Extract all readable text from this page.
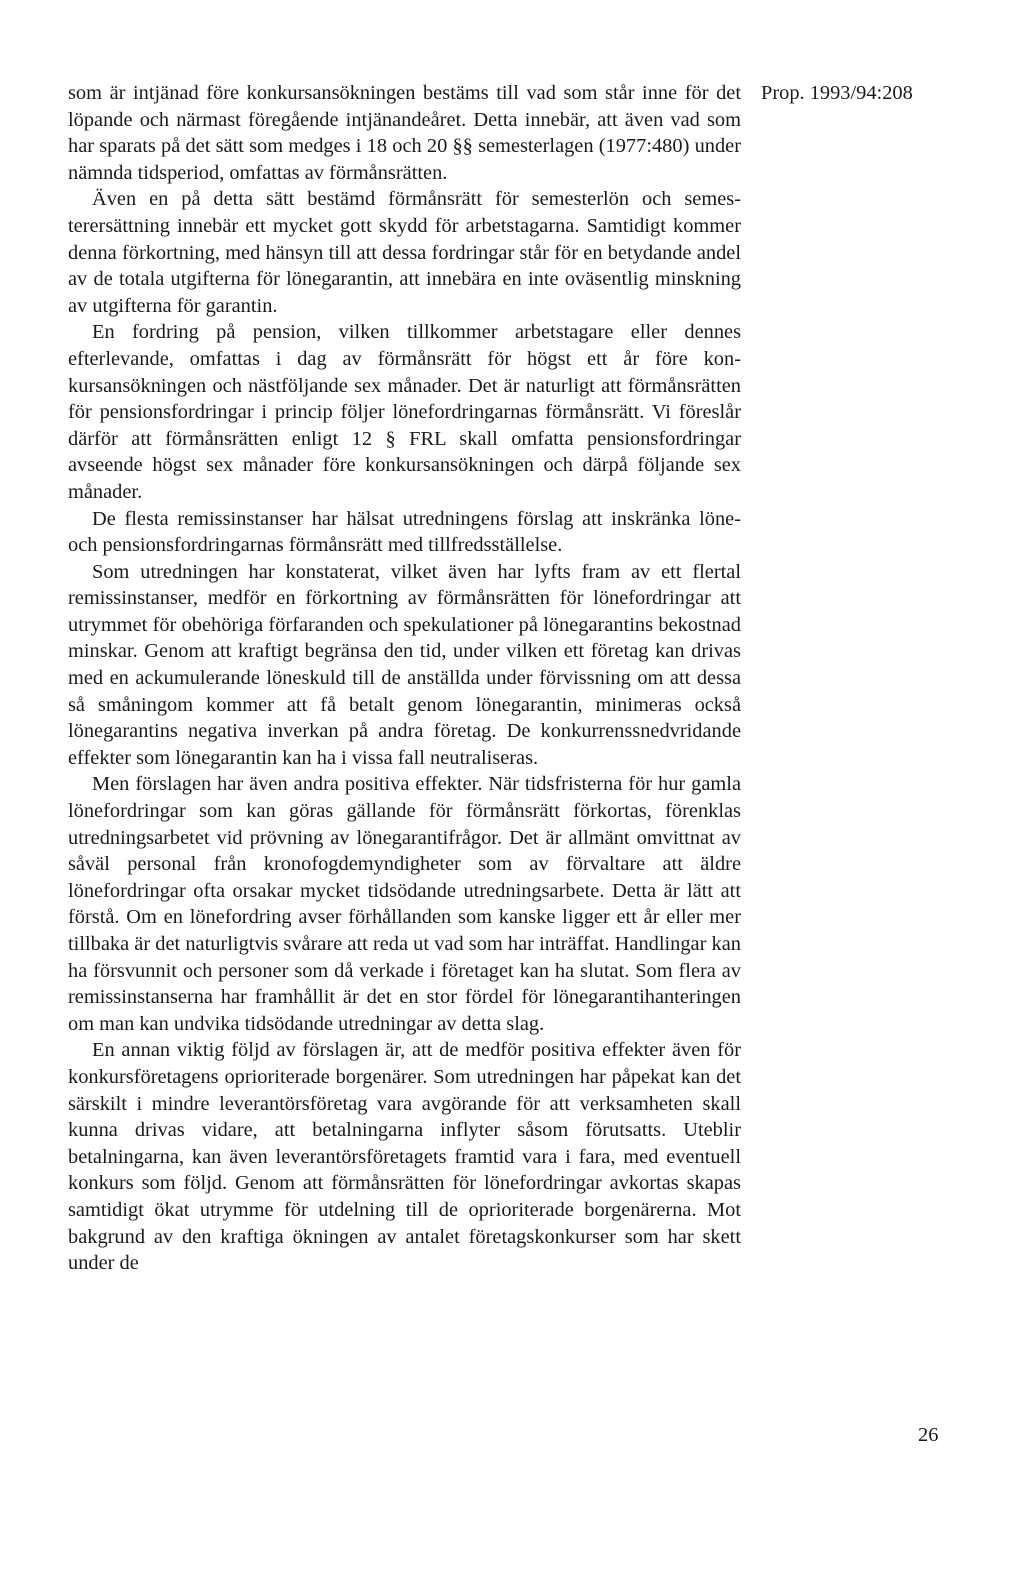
som är intjänad före konkursansökningen bestäms till vad som står inne för det löpande och närmast föregående intjänandeåret. Detta innebär, att även vad som har sparats på det sätt som medges i 18 och 20 §§ semesterlagen (1977:480) under nämnda tidsperiod, omfattas av förmånsrätten.

Även en på detta sätt bestämd förmånsrätt för semesterlön och semesterersättning innebär ett mycket gott skydd för arbetstagarna. Samtidigt kommer denna förkortning, med hänsyn till att dessa fordringar står för en betydande andel av de totala utgifterna för lönegarantin, att innebära en inte oväsentlig minskning av utgifterna för garantin.

En fordring på pension, vilken tillkommer arbetstagare eller dennes efterlevande, omfattas i dag av förmånsrätt för högst ett år före konkursansökningen och nästföljande sex månader. Det är naturligt att förmånsrätten för pensionsfordringar i princip följer lönefordringarnas förmånsrätt. Vi föreslår därför att förmånsrätten enligt 12 § FRL skall omfatta pensionsfordringar avseende högst sex månader före konkursansökningen och därpå följande sex månader.

De flesta remissinstanser har hälsat utredningens förslag att inskränka löne- och pensionsfordringarnas förmånsrätt med tillfredsställelse.

Som utredningen har konstaterat, vilket även har lyfts fram av ett flertal remissinstanser, medför en förkortning av förmånsrätten för lönefordringar att utrymmet för obehöriga förfaranden och spekulationer på lönegarantins bekostnad minskar. Genom att kraftigt begränsa den tid, under vilken ett företag kan drivas med en ackumulerande löneskuld till de anställda under förvissning om att dessa så småningom kommer att få betalt genom lönegarantin, minimeras också lönegarantins negativa inverkan på andra företag. De konkurrenssnedvridande effekter som lönegarantin kan ha i vissa fall neutraliseras.

Men förslagen har även andra positiva effekter. När tidsfristerna för hur gamla lönefordringar som kan göras gällande för förmånsrätt förkortas, förenklas utredningsarbetet vid prövning av lönegarantifrågor. Det är allmänt omvittnat av såväl personal från kronofogdemyndigheter som av förvaltare att äldre lönefordringar ofta orsakar mycket tidsödande utredningsarbete. Detta är lätt att förstå. Om en lönefordring avser förhållanden som kanske ligger ett år eller mer tillbaka är det naturligtvis svårare att reda ut vad som har inträffat. Handlingar kan ha försvunnit och personer som då verkade i företaget kan ha slutat. Som flera av remissinstanserna har framhållit är det en stor fördel för lönegarantihanteringen om man kan undvika tidsödande utredningar av detta slag.

En annan viktig följd av förslagen är, att de medför positiva effekter även för konkursföretagens oprioriterade borgenärer. Som utredningen har påpekat kan det särskilt i mindre leverantörsföretag vara avgörande för att verksamheten skall kunna drivas vidare, att betalningarna inflyter såsom förutsatts. Uteblir betalningarna, kan även leverantörsföretagets framtid vara i fara, med eventuell konkurs som följd. Genom att förmånsrätten för lönefordringar avkortas skapas samtidigt ökat utrymme för utdelning till de oprioriterade borgenärerna. Mot bakgrund av den kraftiga ökningen av antalet företagskonkurser som har skett under de

Prop. 1993/94:208
26
